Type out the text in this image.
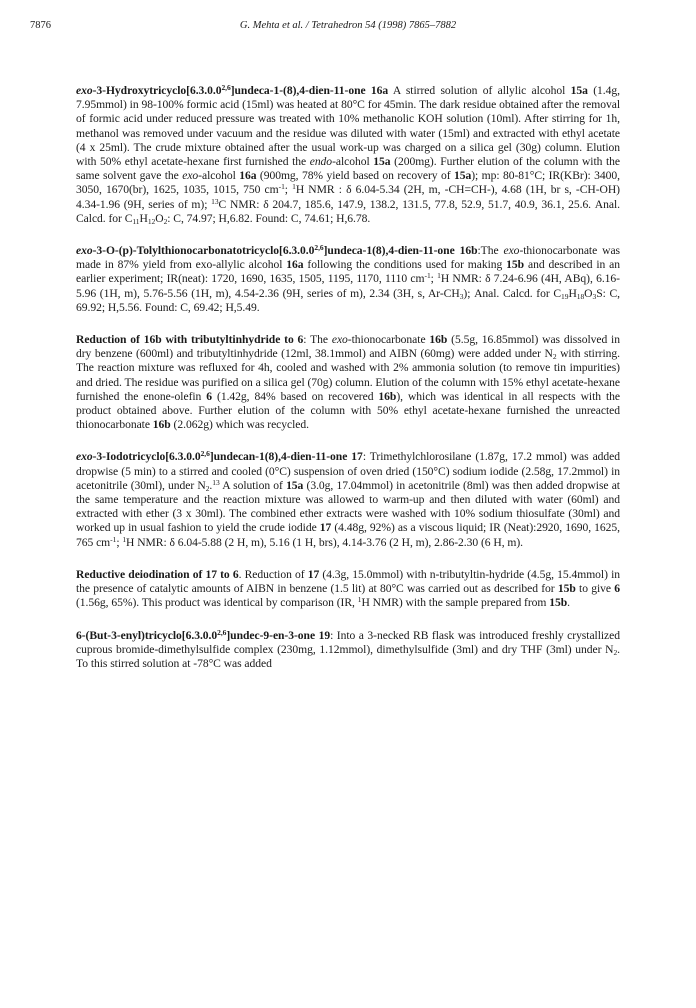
7876	G. Mehta et al. / Tetrahedron 54 (1998) 7865–7882

exo-3-Hydroxytricyclo[6.3.0.0$^{2,6}$]undeca-1-(8),4-dien-11-one 16a A stirred solution of allylic alcohol 15a (1.4g, 7.95mmol) in 98-100% formic acid (15ml) was heated at 80°C for 45min. The dark residue obtained after the removal of formic acid under reduced pressure was treated with 10% methanolic KOH solution (10ml). After stirring for 1h, methanol was removed under vacuum and the residue was diluted with water (15ml) and extracted with ethyl acetate (4 x 25ml). The crude mixture obtained after the usual work-up was charged on a silica gel (30g) column. Elution with 50% ethyl acetate-hexane first furnished the endo-alcohol 15a (200mg). Further elution of the column with the same solvent gave the exo-alcohol 16a (900mg, 78% yield based on recovery of 15a); mp: 80-81°C; IR(KBr): 3400, 3050, 1670(br), 1625, 1035, 1015, 750 $cm^{-1}$; $^1$H NMR : δ 6.04-5.34 (2H, m, -CH=CH-), 4.68 (1H, br s, -CH-OH) 4.34-1.96 (9H, series of m); $^{13}$C NMR: δ 204.7, 185.6, 147.9, 138.2, 131.5, 77.8, 52.9, 51.7, 40.9, 36.1, 25.6. Anal. Calcd. for $C_{11}H_{12}O_2$: C, 74.97; H,6.82. Found: C, 74.61; H,6.78.

exo-3-O-(p)-Tolylthionocarbonatotricyclo[6.3.0.0$^{2,6}$]undeca-1(8),4-dien-11-one 16b:The exo-thionocarbonate was made in 87% yield from exo-allylic alcohol 16a following the conditions used for making 15b and described in an earlier experiment; IR(neat): 1720, 1690, 1635, 1505, 1195, 1170, 1110 $cm^{-1}$; $^1$H NMR: δ 7.24-6.96 (4H, ABq), 6.16-5.96 (1H, m), 5.76-5.56 (1H, m), 4.54-2.36 (9H, series of m), 2.34 (3H, s, $Ar-CH_3$); Anal. Calcd. for $C_{19}H_{18}O_3S$: C, 69.92; H,5.56. Found: C, 69.42; H,5.49.

Reduction of 16b with tributyltinhydride to 6: The exo-thionocarbonate 16b (5.5g, 16.85mmol) was dissolved in dry benzene (600ml) and tributyltinhydride (12ml, 38.1mmol) and AIBN (60mg) were added under $N_2$ with stirring. The reaction mixture was refluxed for 4h, cooled and washed with 2% ammonia solution (to remove tin impurities) and dried. The residue was purified on a silica gel (70g) column. Elution of the column with 15% ethyl acetate-hexane furnished the enone-olefin 6 (1.42g, 84% based on recovered 16b), which was identical in all respects with the product obtained above. Further elution of the column with 50% ethyl acetate-hexane furnished the unreacted thionocarbonate 16b (2.062g) which was recycled.

exo-3-Iodotricyclo[6.3.0.0$^{2,6}$]undecan-1(8),4-dien-11-one 17: Trimethylchlorosilane (1.87g, 17.2 mmol) was added dropwise (5 min) to a stirred and cooled (0°C) suspension of oven dried (150°C) sodium iodide (2.58g, 17.2mmol) in acetonitrile (30ml), under $N_2.^{13}$ A solution of 15a (3.0g, 17.04mmol) in acetonitrile (8ml) was then added dropwise at the same temperature and the reaction mixture was allowed to warm-up and then diluted with water (60ml) and extracted with ether (3 x 30ml). The combined ether extracts were washed with 10% sodium thiosulfate (30ml) and worked up in usual fashion to yield the crude iodide 17 (4.48g, 92%) as a viscous liquid; IR (Neat):2920, 1690, 1625, 765 $cm^{-1}$; $^1$H NMR: δ 6.04-5.88 (2 H, m), 5.16 (1 H, brs), 4.14-3.76 (2 H, m), 2.86-2.30 (6 H, m).

Reductive deiodination of 17 to 6. Reduction of 17 (4.3g, 15.0mmol) with n-tributyltin-hydride (4.5g, 15.4mmol) in the presence of catalytic amounts of AIBN in benzene (1.5 lit) at 80°C was carried out as described for 15b to give 6 (1.56g, 65%). This product was identical by comparison (IR, $^1$H NMR) with the sample prepared from 15b.

6-(But-3-enyl)tricyclo[6.3.0.0$^{2,6}$]undec-9-en-3-one 19: Into a 3-necked RB flask was introduced freshly crystallized cuprous bromide-dimethylsulfide complex (230mg, 1.12mmol), dimethylsulfide (3ml) and dry THF (3ml) under $N_2$. To this stirred solution at -78°C was added
